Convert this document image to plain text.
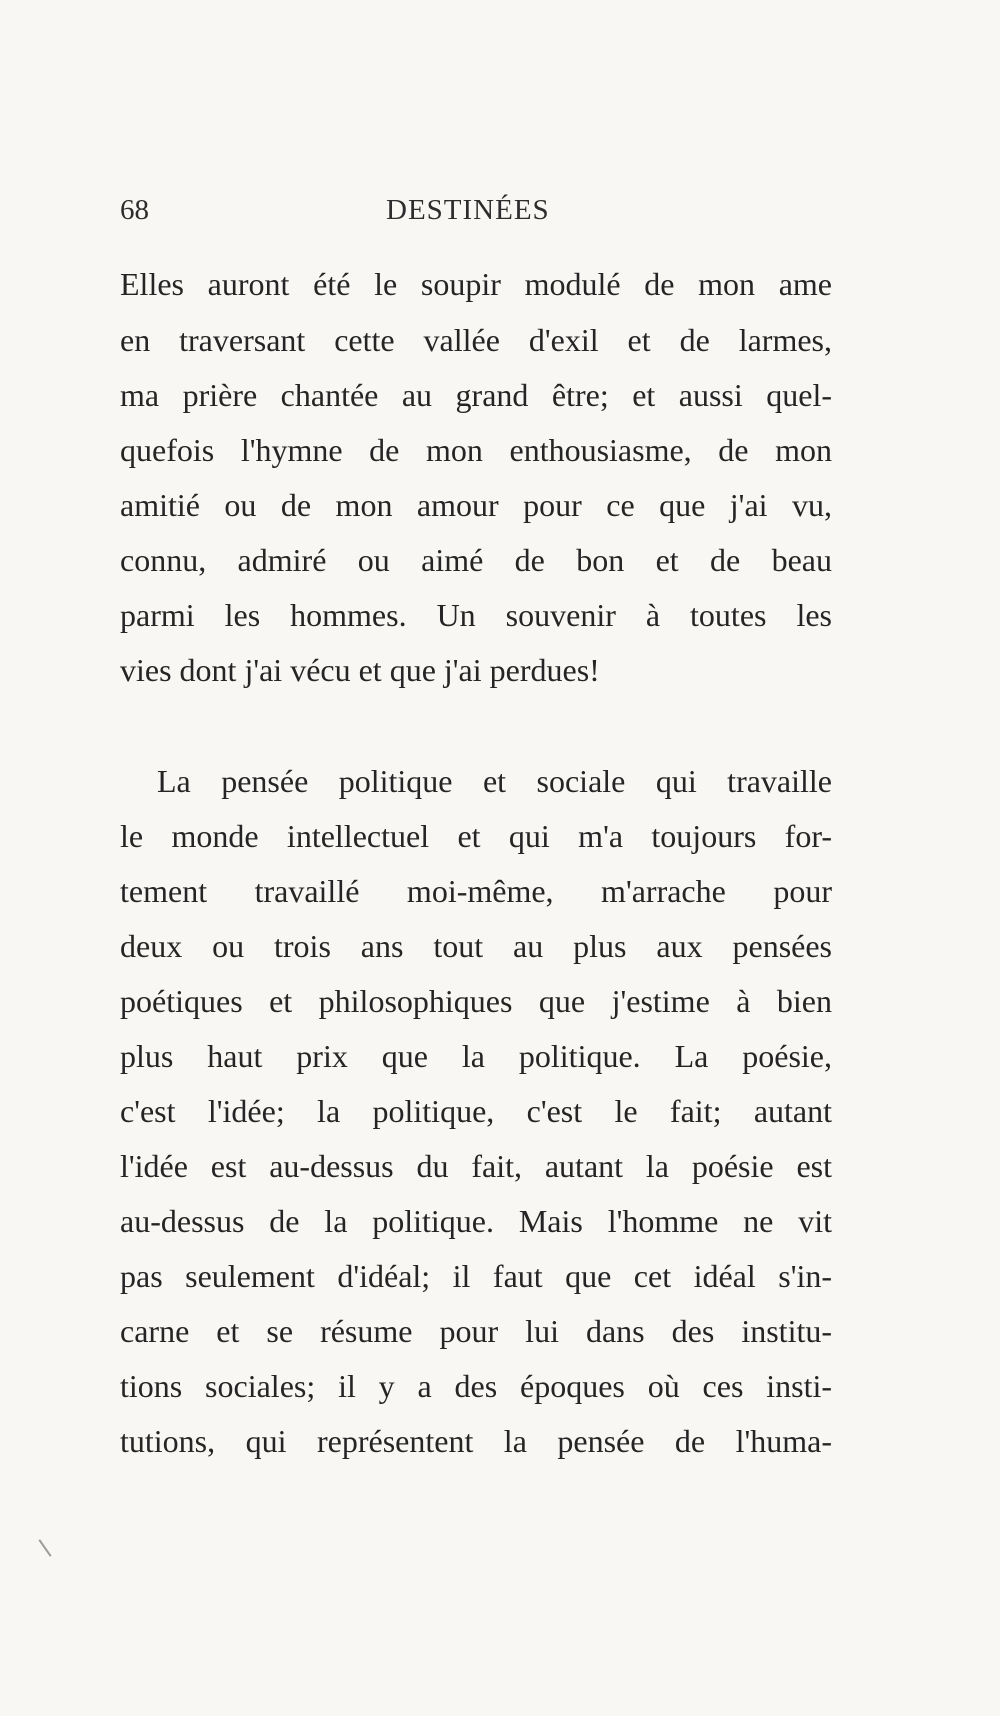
68	DESTINÉES
Elles auront été le soupir modulé de mon ame
en traversant cette vallée d'exil et de larmes,
ma prière chantée au grand être; et aussi quel-
quefois l'hymne de mon enthousiasme, de mon
amitié ou de mon amour pour ce que j'ai vu,
connu, admiré ou aimé de bon et de beau
parmi les hommes. Un souvenir à toutes les
vies dont j'ai vécu et que j'ai perdues!
La pensée politique et sociale qui travaille
le monde intellectuel et qui m'a toujours for-
tement travaillé moi-même, m'arrache pour
deux ou trois ans tout au plus aux pensées
poétiques et philosophiques que j'estime à bien
plus haut prix que la politique. La poésie,
c'est l'idée; la politique, c'est le fait; autant
l'idée est au-dessus du fait, autant la poésie est
au-dessus de la politique. Mais l'homme ne vit
pas seulement d'idéal; il faut que cet idéal s'in-
carne et se résume pour lui dans des institu-
tions sociales; il y a des époques où ces insti-
tutions, qui représentent la pensée de l'huma-
